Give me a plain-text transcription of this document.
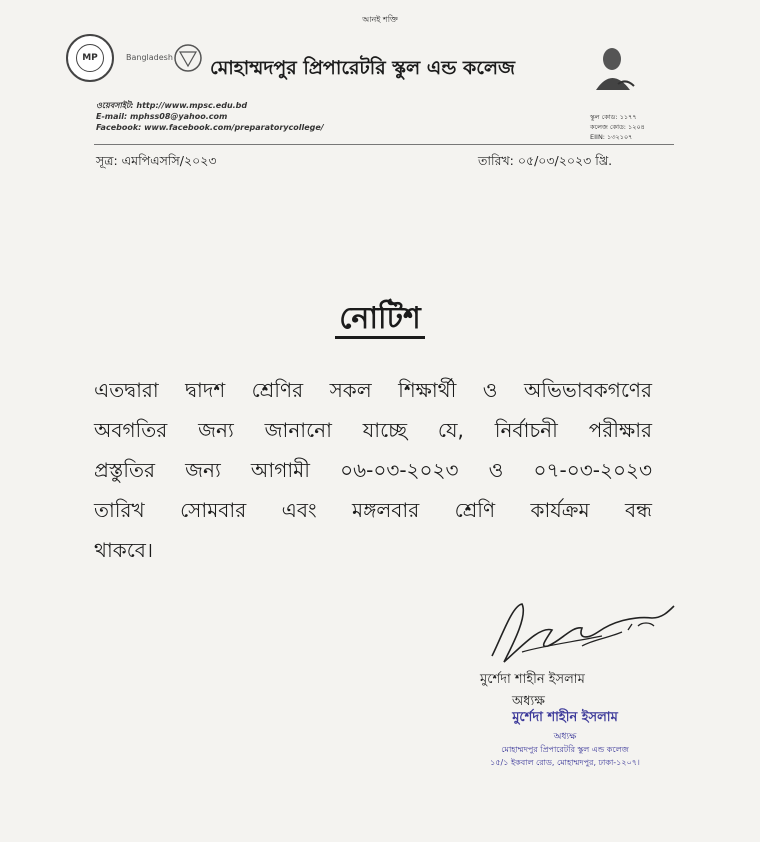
আনই শক্তি
MP	Bangladesh মোহাম্মদপুর প্রিপারেটরি স্কুল এন্ড কলেজ
ওয়েবসাইট: http://www.mpsc.edu.bd
E-mail: mphss08@yahoo.com
Facebook: www.facebook.com/preparatorycollege/
স্কুল কোড: ১১৭৭
কলেজ কোড: ১২০৪
EIIN: ১৩২১০৭
সূত্র: এমপিএসসি/২০২৩	তারিখ: ০৫/০৩/২০২৩ খ্রি.
নোটিশ
এতদ্বারা দ্বাদশ শ্রেণির সকল শিক্ষার্থী ও অভিভাবকগণের
অবগতির জন্য জানানো যাচ্ছে যে, নির্বাচনী পরীক্ষার
প্রস্তুতির জন্য আগামী ০৬-০৩-২০২৩ ও ০৭-০৩-২০২৩
তারিখ সোমবার এবং মঙ্গলবার শ্রেণি কার্যক্রম বন্ধ
থাকবে।
মুর্শেদা শাহীন ইসলাম
অধ্যক্ষ
মুর্শেদা শাহীন ইসলাম
অধ্যক্ষ
মোহাম্মদপুর প্রিপারেটরি স্কুল এন্ড কলেজ
১৫/১ ইকবাল রোড, মোহাম্মদপুর, ঢাকা-১২০৭।
